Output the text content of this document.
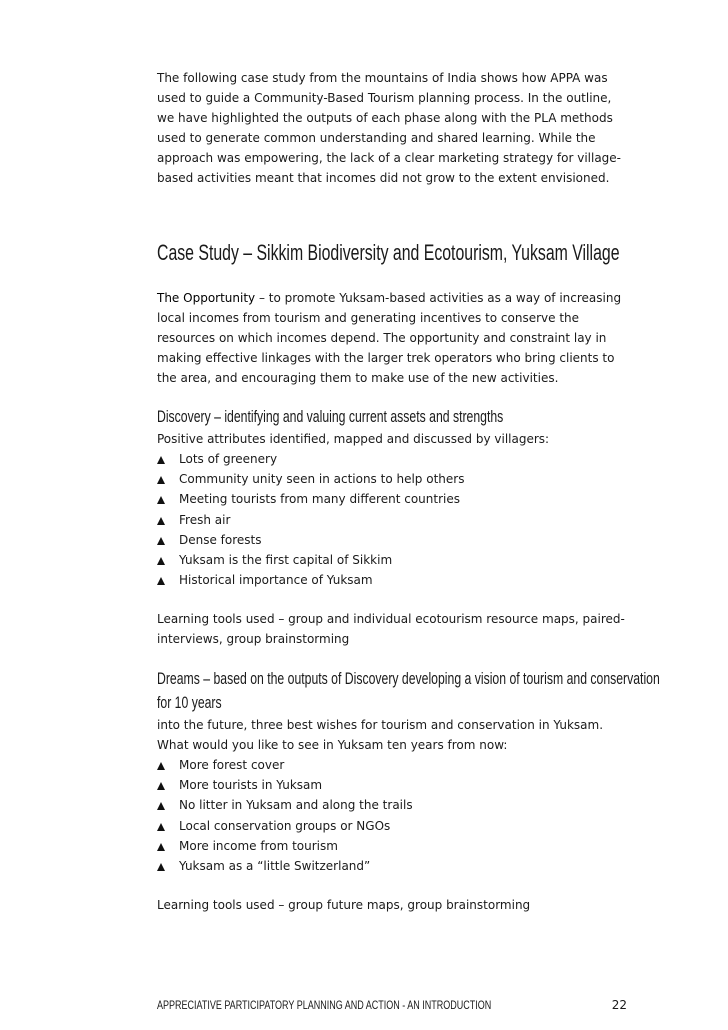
The following case study from the mountains of India shows how APPA was used to guide a Community-Based Tourism planning process. In the outline, we have highlighted the outputs of each phase along with the PLA methods used to generate common understanding and shared learning. While the approach was empowering, the lack of a clear marketing strategy for village-based activities meant that incomes did not grow to the extent envisioned.

Case Study – Sikkim Biodiversity and Ecotourism, Yuksam Village

The Opportunity – to promote Yuksam-based activities as a way of increasing local incomes from tourism and generating incentives to conserve the resources on which incomes depend. The opportunity and constraint lay in making effective linkages with the larger trek operators who bring clients to the area, and encouraging them to make use of the new activities.

Discovery – identifying and valuing current assets and strengths

Positive attributes identified, mapped and discussed by villagers:

Lots of greenery
Community unity seen in actions to help others
Meeting tourists from many different countries
Fresh air
Dense forests
Yuksam is the first capital of Sikkim
Historical importance of Yuksam

Learning tools used – group and individual ecotourism resource maps, paired-interviews, group brainstorming

Dreams – based on the outputs of Discovery developing a vision of tourism and conservation
for 10 years

into the future, three best wishes for tourism and conservation in Yuksam.

What would you like to see in Yuksam ten years from now:

More forest cover
More tourists in Yuksam
No litter in Yuksam and along the trails
Local conservation groups or NGOs
More income from tourism
Yuksam as a “little Switzerland”

Learning tools used – group future maps, group brainstorming

APPRECIATIVE PARTICIPATORY PLANNING AND ACTION - AN INTRODUCTION	22
